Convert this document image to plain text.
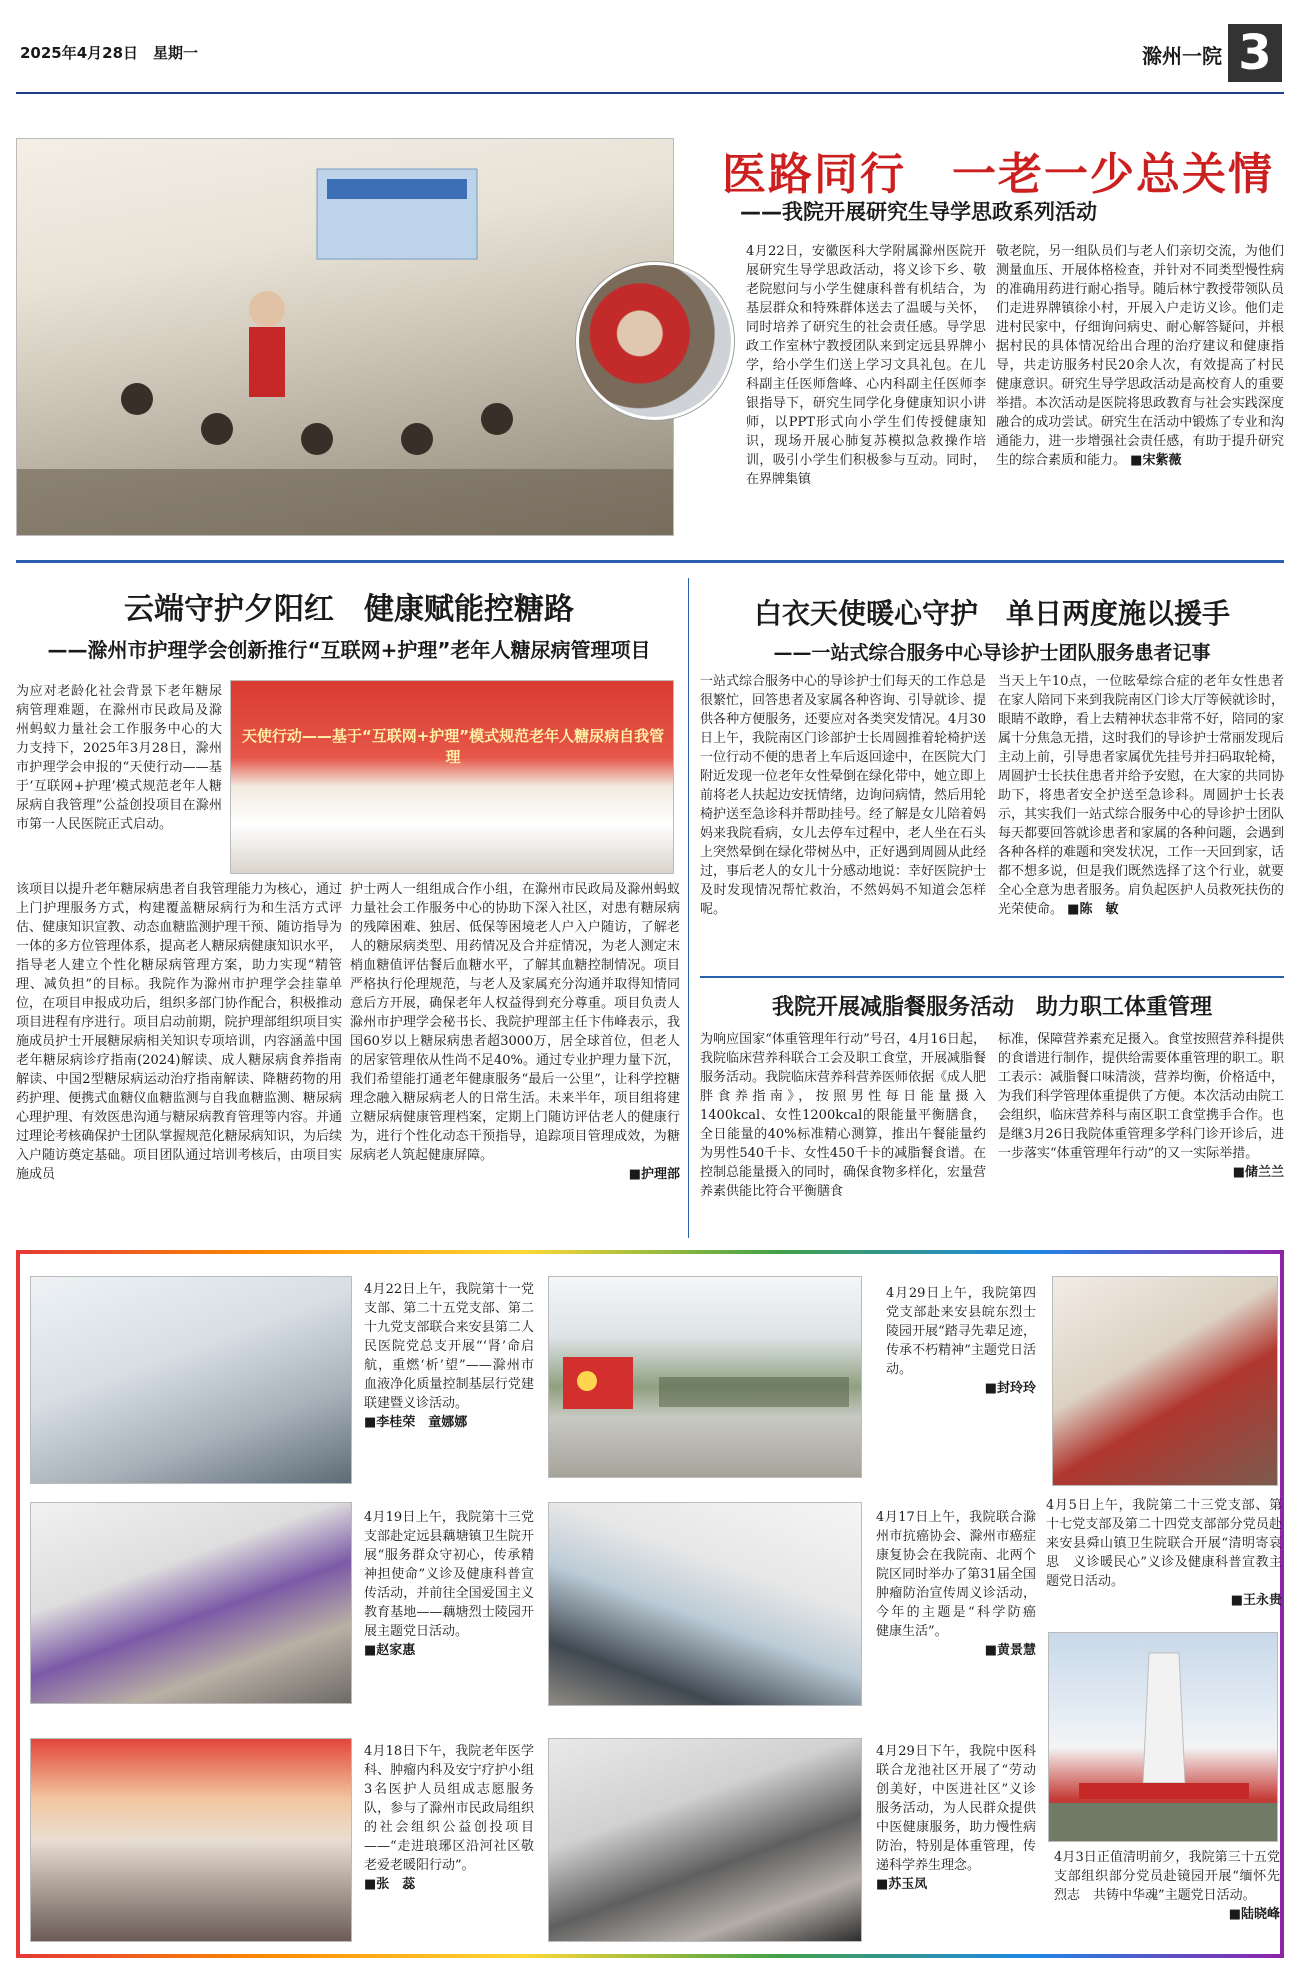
2025年4月28日　星期一	滁州一院 3
医路同行　一老一少总关情
——我院开展研究生导学思政系列活动
4月22日，安徽医科大学附属滁州医院开展研究生导学思政活动，将义诊下乡、敬老院慰问与小学生健康科普有机结合，为基层群众和特殊群体送去了温暖与关怀，同时培养了研究生的社会责任感。导学思政工作室林宁教授团队来到定远县界牌小学，给小学生们送上学习文具礼包。在儿科副主任医师詹峰、心内科副主任医师李银指导下，研究生同学化身健康知识小讲师，以PPT形式向小学生们传授健康知识，现场开展心肺复苏模拟急救操作培训，吸引小学生们积极参与互动。同时，在界牌集镇
敬老院，另一组队员们与老人们亲切交流，为他们测量血压、开展体格检查，并针对不同类型慢性病的准确用药进行耐心指导。随后林宁教授带领队员们走进界牌镇徐小村，开展入户走访义诊。他们走进村民家中，仔细询问病史、耐心解答疑问，并根据村民的具体情况给出合理的治疗建议和健康指导，共走访服务村民20余人次，有效提高了村民健康意识。研究生导学思政活动是高校育人的重要举措。本次活动是医院将思政教育与社会实践深度融合的成功尝试。研究生在活动中锻炼了专业和沟通能力，进一步增强社会责任感，有助于提升研究生的综合素质和能力。 ■宋紫薇
云端守护夕阳红　健康赋能控糖路
——滁州市护理学会创新推行“互联网+护理”老年人糖尿病管理项目
天使行动——基于“互联网+护理”模式规范老年人糖尿病自我管理
为应对老龄化社会背景下老年糖尿病管理难题，在滁州市民政局及滁州蚂蚁力量社会工作服务中心的大力支持下，2025年3月28日，滁州市护理学会申报的“天使行动——基于‘互联网+护理’模式规范老年人糖尿病自我管理”公益创投项目在滁州市第一人民医院正式启动。
该项目以提升老年糖尿病患者自我管理能力为核心，通过上门护理服务方式，构建覆盖糖尿病行为和生活方式评估、健康知识宣教、动态血糖监测护理干预、随访指导为一体的多方位管理体系，提高老人糖尿病健康知识水平，指导老人建立个性化糖尿病管理方案，助力实现“精管理、减负担”的目标。我院作为滁州市护理学会挂靠单位，在项目申报成功后，组织多部门协作配合，积极推动项目进程有序进行。项目启动前期，院护理部组织项目实施成员护士开展糖尿病相关知识专项培训，内容涵盖中国老年糖尿病诊疗指南(2024)解读、成人糖尿病食养指南解读、中国2型糖尿病运动治疗指南解读、降糖药物的用药护理、便携式血糖仪血糖监测与自我血糖监测、糖尿病心理护理、有效医患沟通与糖尿病教育管理等内容。并通过理论考核确保护士团队掌握规范化糖尿病知识，为后续入户随访奠定基础。项目团队通过培训考核后，由项目实施成员
护士两人一组组成合作小组，在滁州市民政局及滁州蚂蚁力量社会工作服务中心的协助下深入社区，对患有糖尿病的残障困难、独居、低保等困境老人户入户随访，了解老人的糖尿病类型、用药情况及合并症情况，为老人测定末梢血糖值评估餐后血糖水平，了解其血糖控制情况。项目严格执行伦理规范，与老人及家属充分沟通并取得知情同意后方开展，确保老年人权益得到充分尊重。项目负责人滁州市护理学会秘书长、我院护理部主任卞伟峰表示，我国60岁以上糖尿病患者超3000万，居全球首位，但老人的居家管理依从性尚不足40%。通过专业护理力量下沉，我们希望能打通老年健康服务“最后一公里”，让科学控糖理念融入糖尿病老人的日常生活。未来半年，项目组将建立糖尿病健康管理档案，定期上门随访评估老人的健康行为，进行个性化动态干预指导，追踪项目管理成效，为糖尿病老人筑起健康屏障。
■护理部
白衣天使暖心守护　单日两度施以援手
——一站式综合服务中心导诊护士团队服务患者记事
一站式综合服务中心的导诊护士们每天的工作总是很繁忙，回答患者及家属各种咨询、引导就诊、提供各种方便服务，还要应对各类突发情况。4月30日上午，我院南区门诊部护士长周圆推着轮椅护送一位行动不便的患者上车后返回途中，在医院大门附近发现一位老年女性晕倒在绿化带中，她立即上前将老人扶起边安抚情绪，边询问病情，然后用轮椅护送至急诊科并帮助挂号。经了解是女儿陪着妈妈来我院看病，女儿去停车过程中，老人坐在石头上突然晕倒在绿化带树丛中，正好遇到周圆从此经过，事后老人的女儿十分感动地说：幸好医院护士及时发现情况帮忙救治，不然妈妈不知道会怎样呢。
当天上午10点，一位眩晕综合症的老年女性患者在家人陪同下来到我院南区门诊大厅等候就诊时，眼睛不敢睁，看上去精神状态非常不好，陪同的家属十分焦急无措，这时我们的导诊护士常丽发现后主动上前，引导患者家属优先挂号并扫码取轮椅，周圆护士长扶住患者并给予安慰，在大家的共同协助下，将患者安全护送至急诊科。周圆护士长表示，其实我们一站式综合服务中心的导诊护士团队每天都要回答就诊患者和家属的各种问题，会遇到各种各样的难题和突发状况，工作一天回到家，话都不想多说，但是我们既然选择了这个行业，就要全心全意为患者服务。肩负起医护人员救死扶伤的光荣使命。 ■陈　敏
我院开展减脂餐服务活动　助力职工体重管理
为响应国家“体重管理年行动”号召，4月16日起，我院临床营养科联合工会及职工食堂，开展减脂餐服务活动。我院临床营养科营养医师依据《成人肥胖食养指南》，按照男性每日能量摄入1400kcal、女性1200kcal的限能量平衡膳食，全日能量的40%标准精心测算，推出午餐能量约为男性540千卡、女性450千卡的减脂餐食谱。在控制总能量摄入的同时，确保食物多样化，宏量营养素供能比符合平衡膳食
标准，保障营养素充足摄入。食堂按照营养科提供的食谱进行制作，提供给需要体重管理的职工。职工表示：减脂餐口味清淡，营养均衡，价格适中，为我们科学管理体重提供了方便。本次活动由院工会组织，临床营养科与南区职工食堂携手合作。也是继3月26日我院体重管理多学科门诊开诊后，进一步落实“体重管理年行动”的又一实际举措。
■储兰兰
4月22日上午，我院第十一党支部、第二十五党支部、第二十九党支部联合来安县第二人民医院党总支开展“‘肾’命启航，重燃‘析’望”——滁州市血液净化质量控制基层行党建联建暨义诊活动。
■李桂荣　童娜娜
4月29日上午，我院第四党支部赴来安县皖东烈士陵园开展“踏寻先辈足迹，传承不朽精神”主题党日活动。
■封玲玲
4月5日上午，我院第二十三党支部、第十七党支部及第二十四党支部部分党员赴来安县舜山镇卫生院联合开展“清明寄哀思　义诊暖民心”义诊及健康科普宣教主题党日活动。
■王永贵
4月19日上午，我院第十三党支部赴定远县藕塘镇卫生院开展“服务群众守初心，传承精神担使命”义诊及健康科普宣传活动，并前往全国爱国主义教育基地——藕塘烈士陵园开展主题党日活动。
■赵家惠
4月17日上午，我院联合滁州市抗癌协会、滁州市癌症康复协会在我院南、北两个院区同时举办了第31届全国肿瘤防治宣传周义诊活动，今年的主题是“科学防癌　健康生活”。
■黄景慧
4月18日下午，我院老年医学科、肿瘤内科及安宁疗护小组3名医护人员组成志愿服务队，参与了滁州市民政局组织的社会组织公益创投项目——“走进琅琊区沿河社区敬老爱老暖阳行动”。
■张　蕊
4月29日下午，我院中医科联合龙池社区开展了“劳动创美好，中医进社区”义诊服务活动，为人民群众提供中医健康服务，助力慢性病防治，特别是体重管理，传递科学养生理念。
■苏玉凤
4月3日正值清明前夕，我院第三十五党支部组织部分党员赴镜园开展“缅怀先烈志　共铸中华魂”主题党日活动。
■陆晓峰
